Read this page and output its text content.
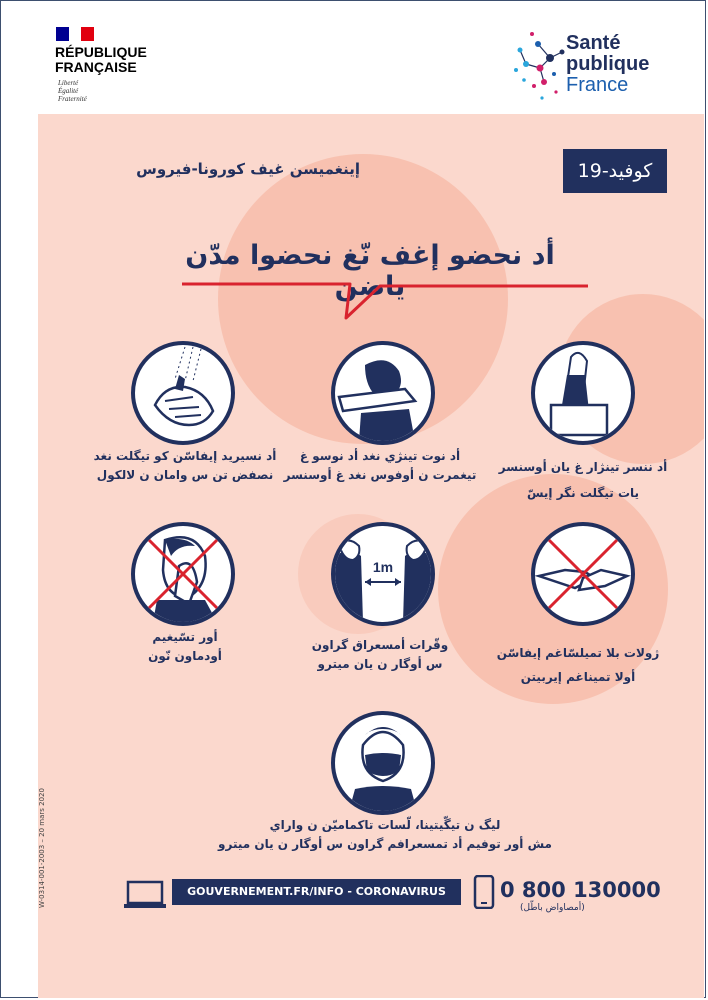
RÉPUBLIQUE
FRANÇAISE
Liberté
Égalité
Fraternité
Santé
publique
France
كوفيد-19
إينغميسن غيف كورونا-فيروس
أد نحضو إغف نّغ نحضوا مدّن ياضن
أد نسيريد إيفاسّن كو تيگلت نغد
نصفض تن س وامان ن لالكول
أد نوت تينژي نغد أد نوسو غ
تيغمرت ن أوفوس نغد غ أوسنسر
أد ننسر تينژار غ يان أوسنسر
يات تيگلت نگر إيسّ
أور تسّيغيم
أودماون نّون
1m
وقّرات أمسعراق گراون
س أوگار ن يان ميترو
ژولات بلا تميلسّاغم إيفاسّن
أولا تميناغم إيربيتن
ليگ ن تيگّيتينا، لّسات تاكماميّن ن واراي
مش أور توفيم أد تمسعرافم گراون س أوگار ن يان ميترو
GOUVERNEMENT.FR/INFO - CORONAVIRUS	0 800 130000
(أمصاواض باطّل)
W-0314-001-2003 – 20 mars 2020
